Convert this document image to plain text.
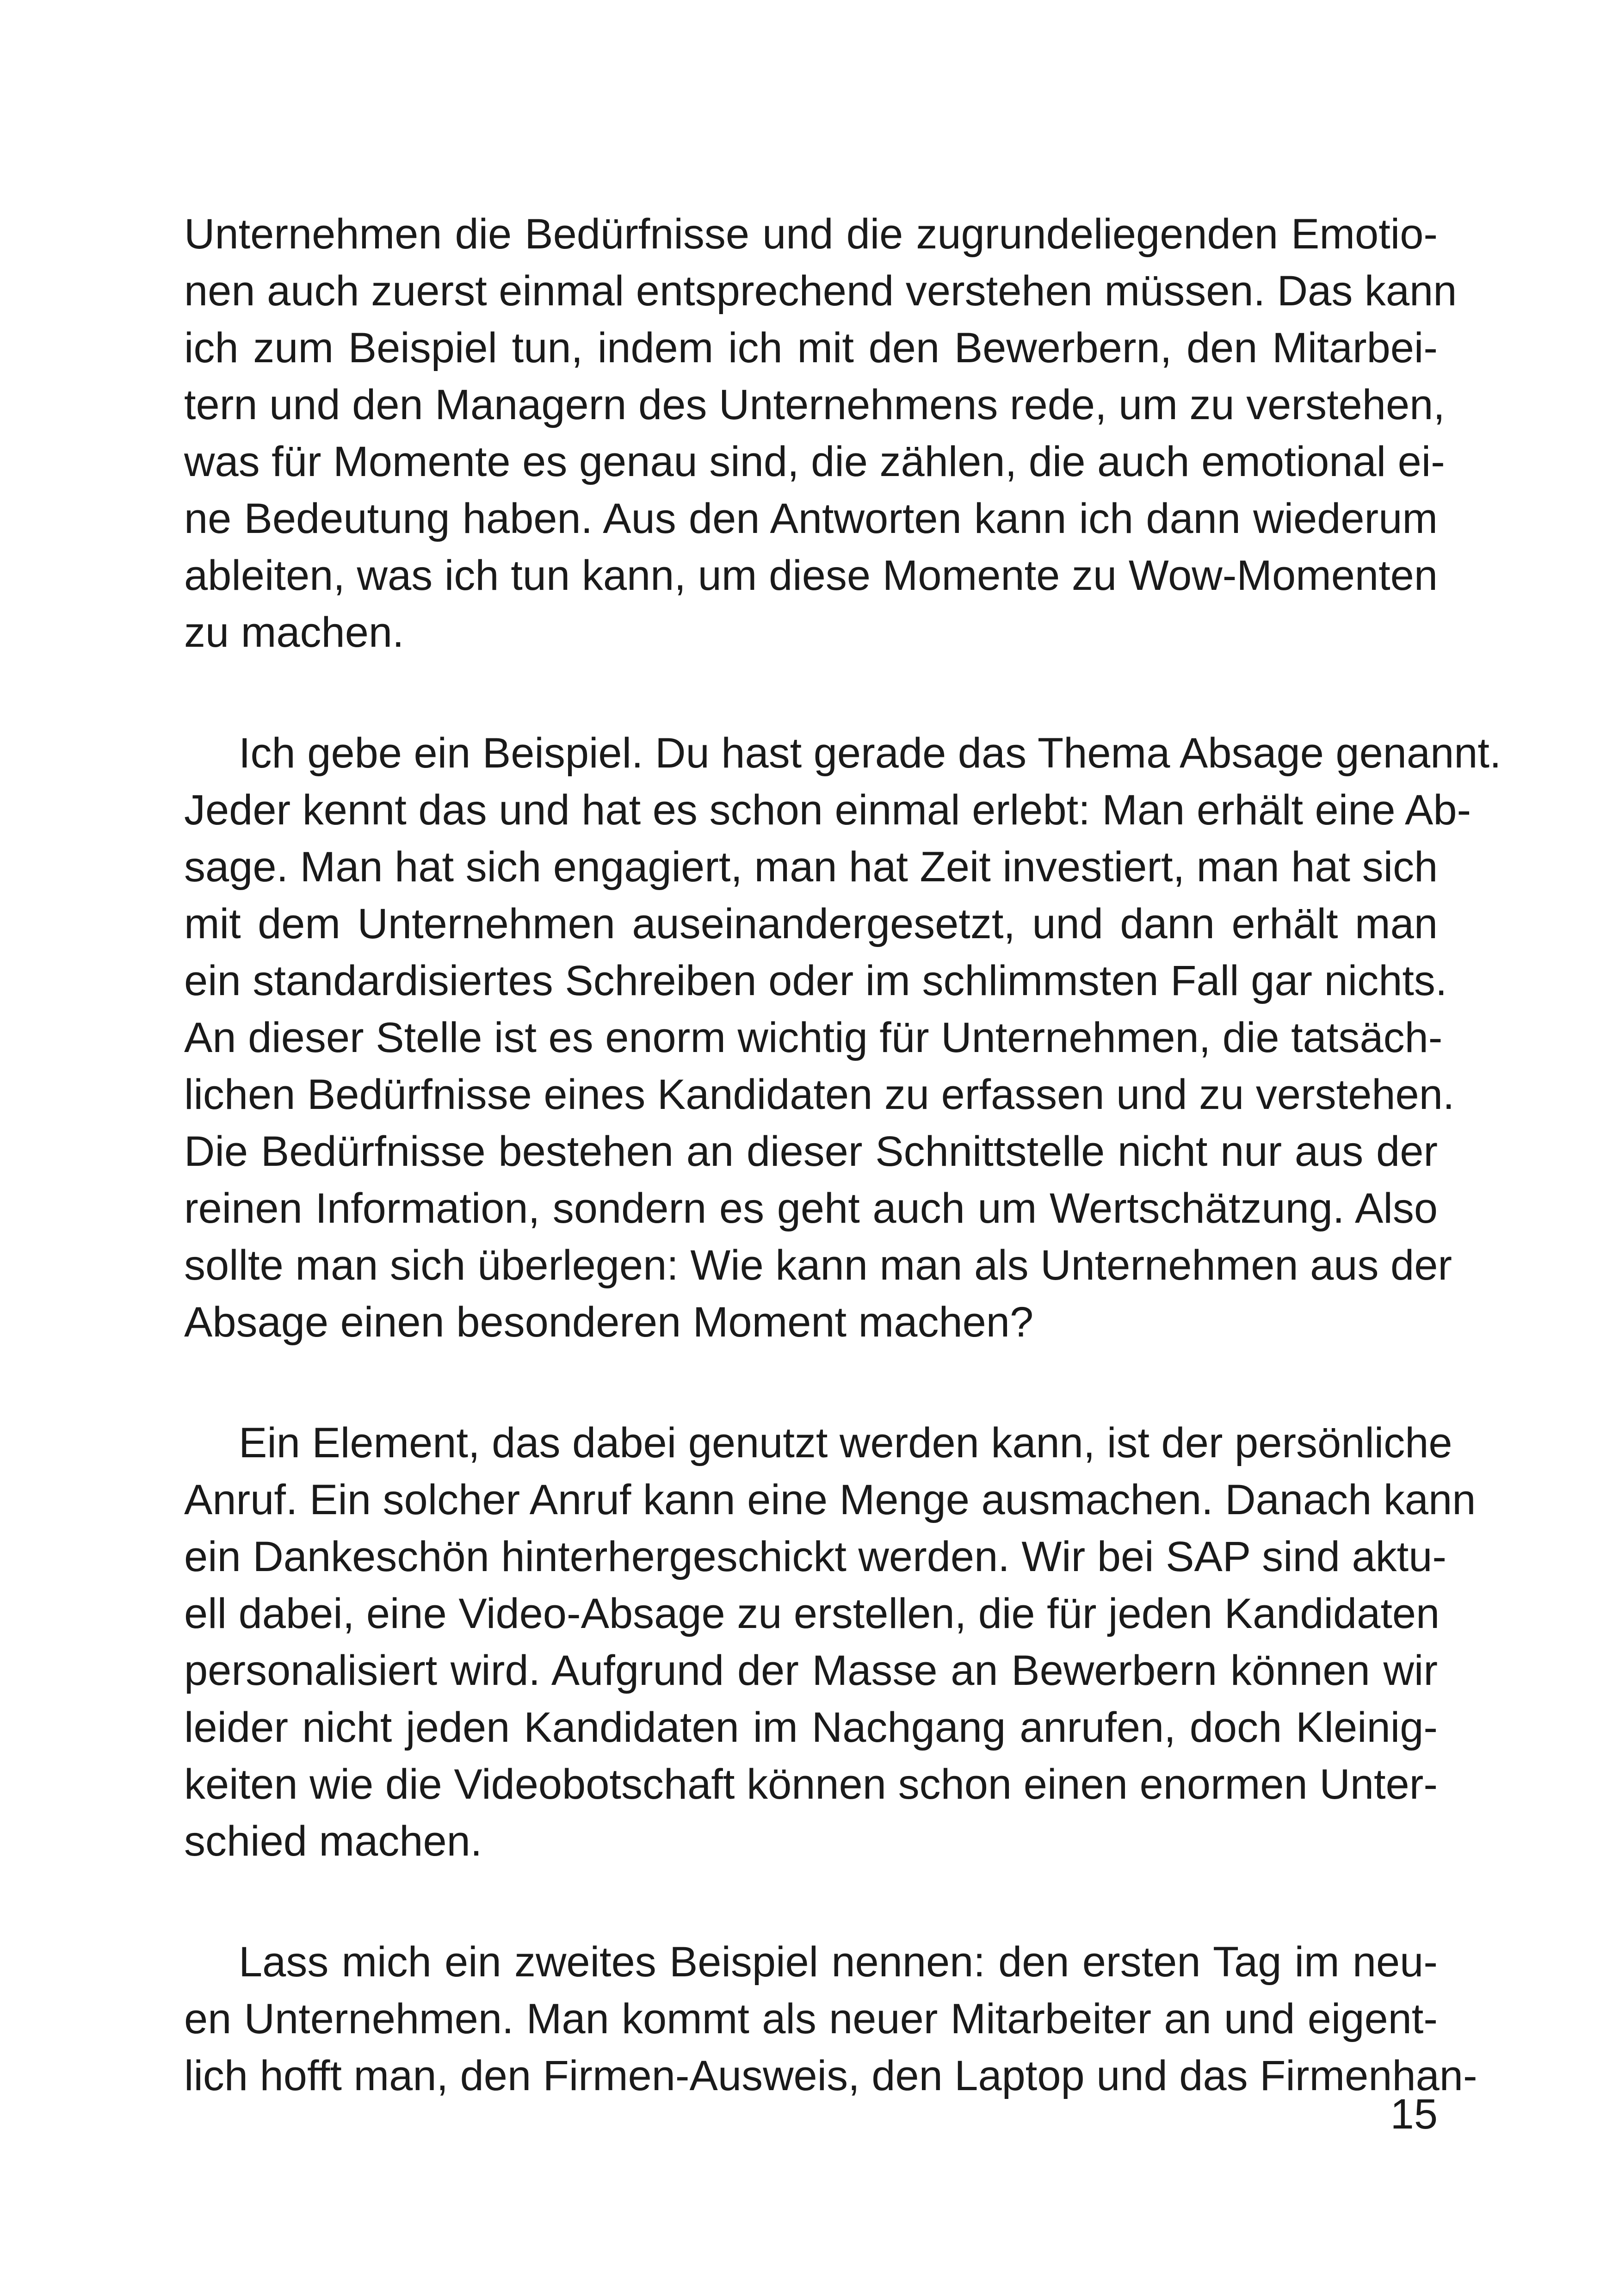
Unternehmen die Bedürfnisse und die zugrundeliegenden Emotio-
nen auch zuerst einmal entsprechend verstehen müssen. Das kann
ich zum Beispiel tun, indem ich mit den Bewerbern, den Mitarbei-
tern und den Managern des Unternehmens rede, um zu verstehen,
was für Momente es genau sind, die zählen, die auch emotional ei-
ne Bedeutung haben. Aus den Antworten kann ich dann wiederum
ableiten, was ich tun kann, um diese Momente zu Wow-Momenten
zu machen.
Ich gebe ein Beispiel. Du hast gerade das Thema Absage genannt.
Jeder kennt das und hat es schon einmal erlebt: Man erhält eine Ab-
sage. Man hat sich engagiert, man hat Zeit investiert, man hat sich
mit dem Unternehmen auseinandergesetzt, und dann erhält man
ein standardisiertes Schreiben oder im schlimmsten Fall gar nichts.
An dieser Stelle ist es enorm wichtig für Unternehmen, die tatsäch-
lichen Bedürfnisse eines Kandidaten zu erfassen und zu verstehen.
Die Bedürfnisse bestehen an dieser Schnittstelle nicht nur aus der
reinen Information, sondern es geht auch um Wertschätzung. Also
sollte man sich überlegen: Wie kann man als Unternehmen aus der
Absage einen besonderen Moment machen?
Ein Element, das dabei genutzt werden kann, ist der persönliche
Anruf. Ein solcher Anruf kann eine Menge ausmachen. Danach kann
ein Dankeschön hinterhergeschickt werden. Wir bei SAP sind aktu-
ell dabei, eine Video-Absage zu erstellen, die für jeden Kandidaten
personalisiert wird. Aufgrund der Masse an Bewerbern können wir
leider nicht jeden Kandidaten im Nachgang anrufen, doch Kleinig-
keiten wie die Videobotschaft können schon einen enormen Unter-
schied machen.
Lass mich ein zweites Beispiel nennen: den ersten Tag im neu-
en Unternehmen. Man kommt als neuer Mitarbeiter an und eigent-
lich hofft man, den Firmen-Ausweis, den Laptop und das Firmenhan-
15
